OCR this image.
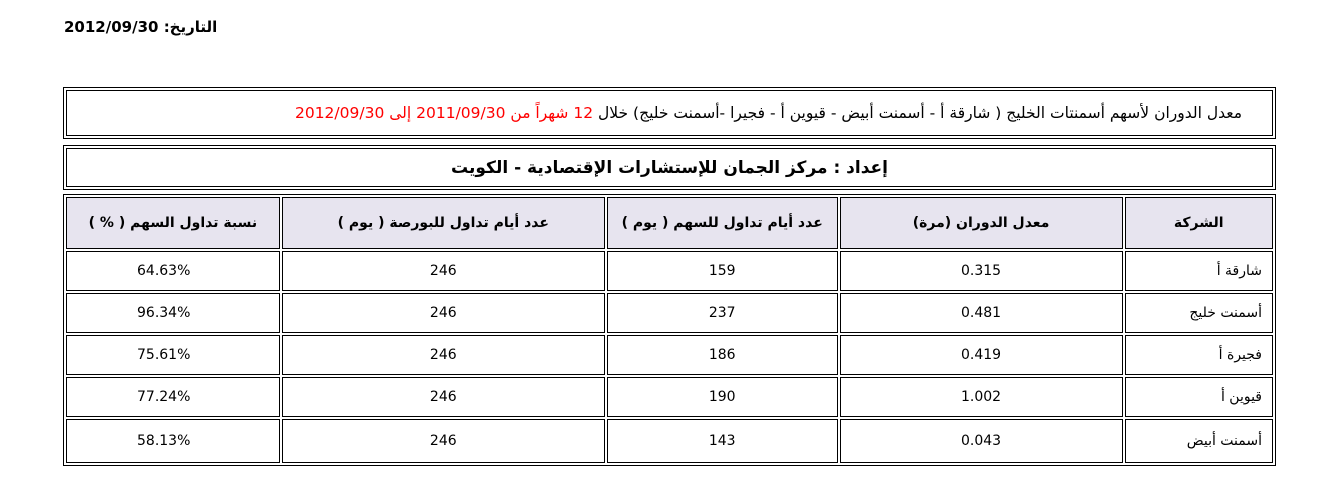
التاريخ: 2012/09/30
معدل الدوران لأسهم أسمنتات الخليج ( شارقة أ - أسمنت أبيض - قيوين أ - فجيرا -أسمنت خليج) خلال

12 شهراً من 2011/09/30 إلى 2012/09/30
إعداد : مركز الجمان للإستشارات الإقتصادية - الكويت
الشركة	معدل الدوران (مرة)	عدد أيام تداول للسهم ( يوم )	عدد أيام تداول للبورصة ( يوم )	نسبة تداول السهم ( % )
شارقة أ	0.315	159	246	64.63%
أسمنت خليج	0.481	237	246	96.34%
فجيرة أ	0.419	186	246	75.61%
قيوين أ	1.002	190	246	77.24%
أسمنت أبيض	0.043	143	246	58.13%
